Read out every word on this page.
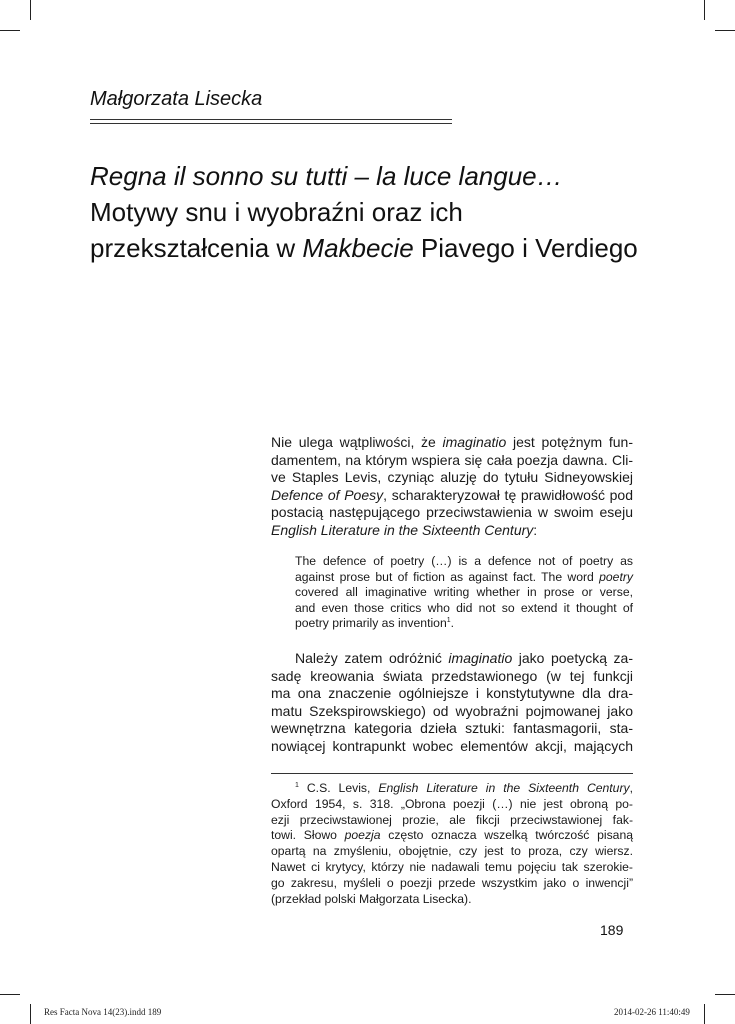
Małgorzata Lisecka
Regna il sonno su tutti – la luce langue…
Motywy snu i wyobraźni oraz ich
przekształcenia w Makbecie Piavego i Verdiego
Nie ulega wątpliwości, że imaginatio jest potężnym fun-
damentem, na którym wspiera się cała poezja dawna. Cli-
ve Staples Levis, czyniąc aluzję do tytułu Sidneyowskiej
Defence of Poesy, scharakteryzował tę prawidłowość pod
postacią następującego przeciwstawienia w swoim eseju
English Literature in the Sixteenth Century:
The defence of poetry (…) is a defence not of poetry as
against prose but of fiction as against fact. The word poetry
covered all imaginative writing whether in prose or verse,
and even those critics who did not so extend it thought of
poetry primarily as invention$^1$.
Należy zatem odróżnić imaginatio jako poetycką za-
sadę kreowania świata przedstawionego (w tej funkcji
ma ona znaczenie ogólniejsze i konstytutywne dla dra-
matu Szekspirowskiego) od wyobraźni pojmowanej jako
wewnętrzna kategoria dzieła sztuki: fantasmagorii, sta-
nowiącej kontrapunkt wobec elementów akcji, mających
$^1$ C.S. Levis, English Literature in the Sixteenth Century,
Oxford 1954, s. 318. „Obrona poezji (…) nie jest obroną po-
ezji przeciwstawionej prozie, ale fikcji przeciwstawionej fak-
towi. Słowo poezja często oznacza wszelką twórczość pisaną
opartą na zmyśleniu, obojętnie, czy jest to proza, czy wiersz.
Nawet ci krytycy, którzy nie nadawali temu pojęciu tak szerokie-
go zakresu, myśleli o poezji przede wszystkim jako o inwencji”
(przekład polski Małgorzata Lisecka).
189
Res Facta Nova 14(23).indd 189	2014-02-26 11:40:49
